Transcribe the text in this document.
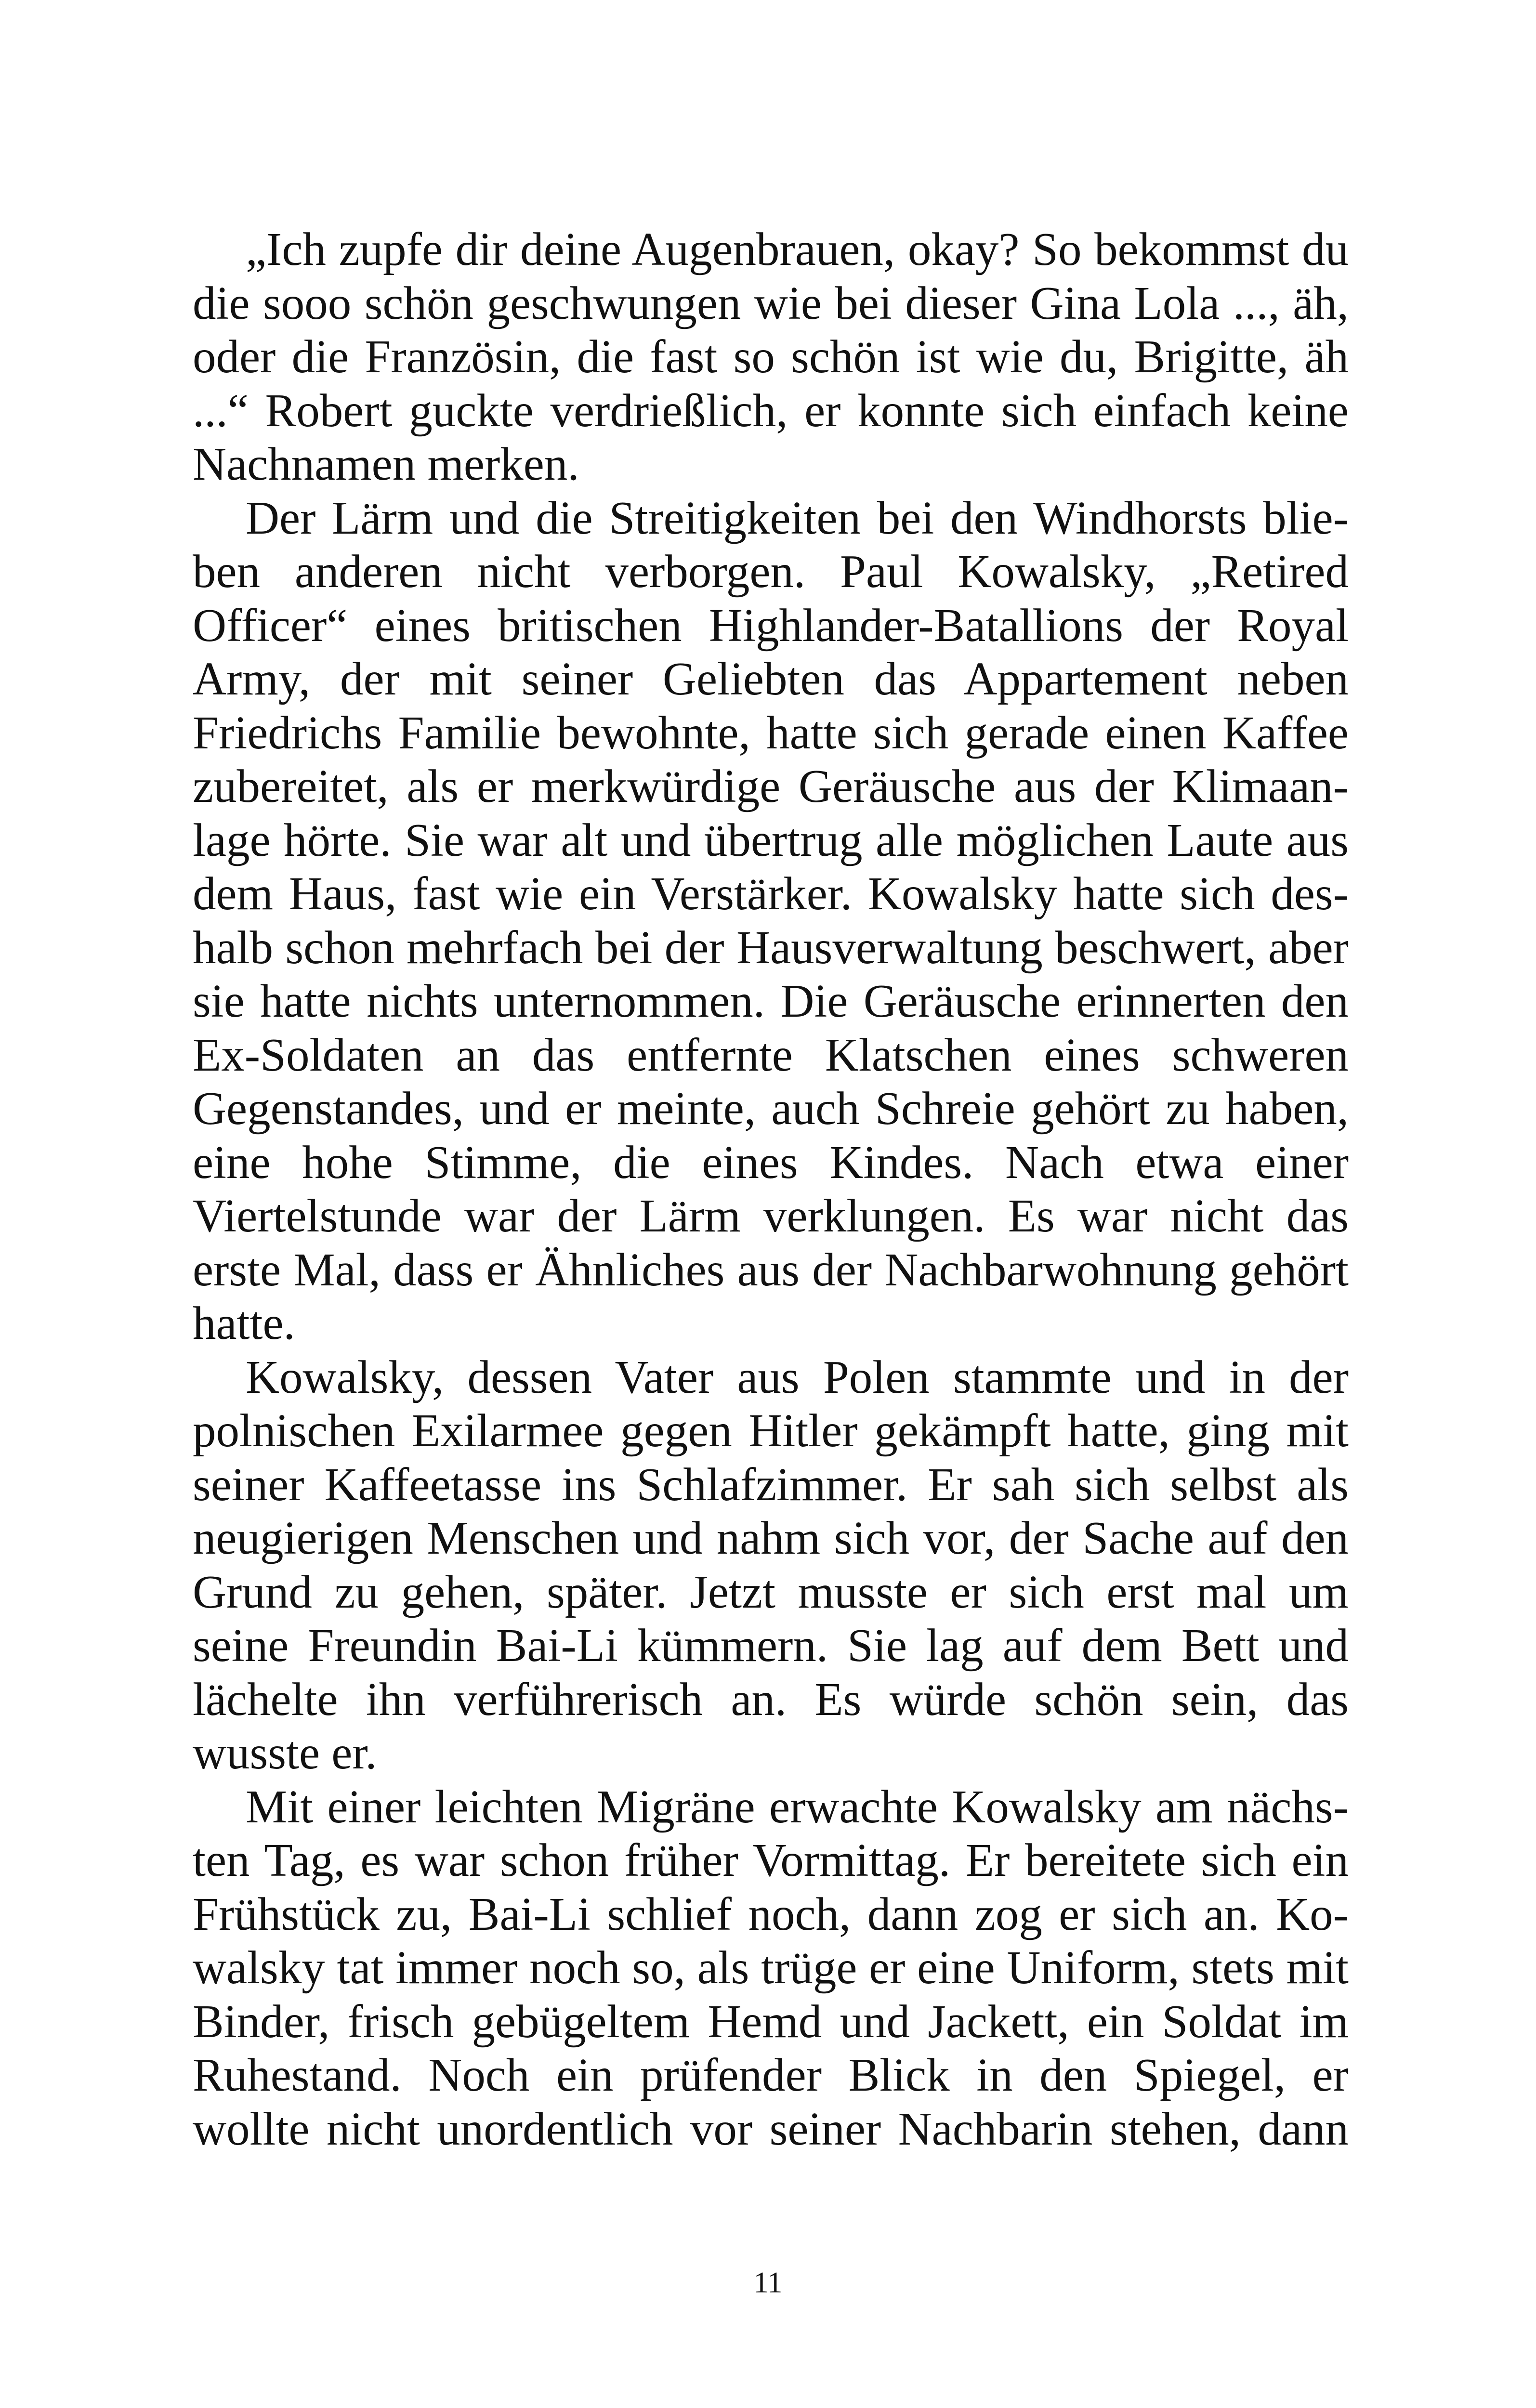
„Ich zupfe dir deine Augenbrauen, okay? So bekommst du die sooo schön geschwungen wie bei dieser Gina Lola ..., äh, oder die Französin, die fast so schön ist wie du, Brigitte, äh ...“ Robert guckte verdrießlich, er konnte sich einfach keine Nachnamen merken.

Der Lärm und die Streitigkeiten bei den Windhorsts blieben anderen nicht verborgen. Paul Kowalsky, „Retired Officer“ eines britischen Highlander-Batallions der Royal Army, der mit seiner Geliebten das Appartement neben Friedrichs Familie bewohnte, hatte sich gerade einen Kaffee zubereitet, als er merkwürdige Geräusche aus der Klimaanlage hörte. Sie war alt und übertrug alle möglichen Laute aus dem Haus, fast wie ein Verstärker. Kowalsky hatte sich deshalb schon mehrfach bei der Hausverwaltung beschwert, aber sie hatte nichts unternommen. Die Geräusche erinnerten den Ex-Soldaten an das entfernte Klatschen eines schweren Gegenstandes, und er meinte, auch Schreie gehört zu haben, eine hohe Stimme, die eines Kindes. Nach etwa einer Viertelstunde war der Lärm verklungen. Es war nicht das erste Mal, dass er Ähnliches aus der Nachbarwohnung gehört hatte.

Kowalsky, dessen Vater aus Polen stammte und in der polnischen Exilarmee gegen Hitler gekämpft hatte, ging mit seiner Kaffeetasse ins Schlafzimmer. Er sah sich selbst als neugierigen Menschen und nahm sich vor, der Sache auf den Grund zu gehen, später. Jetzt musste er sich erst mal um seine Freundin Bai-Li kümmern. Sie lag auf dem Bett und lächelte ihn verführerisch an. Es würde schön sein, das wusste er.

Mit einer leichten Migräne erwachte Kowalsky am nächsten Tag, es war schon früher Vormittag. Er bereitete sich ein Frühstück zu, Bai-Li schlief noch, dann zog er sich an. Kowalsky tat immer noch so, als trüge er eine Uniform, stets mit Binder, frisch gebügeltem Hemd und Jackett, ein Soldat im Ruhestand. Noch ein prüfender Blick in den Spiegel, er wollte nicht unordentlich vor seiner Nachbarin stehen, dann

11
